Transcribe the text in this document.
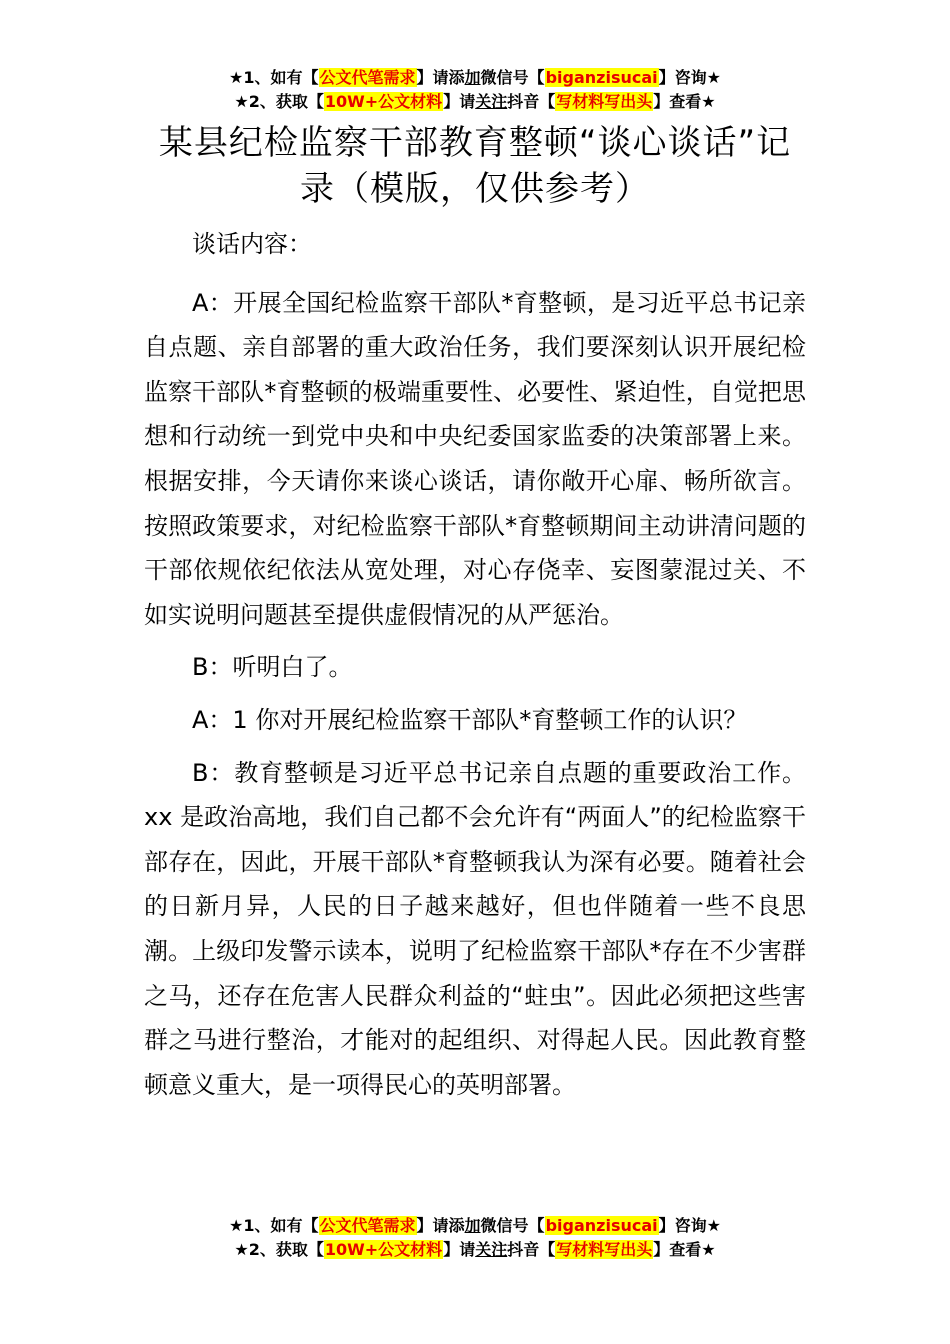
★1、如有【公文代笔需求】请添加微信号【biganzisucai】咨询★
★2、获取【10W+公文材料】请关注抖音【写材料写出头】查看★
某县纪检监察干部教育整顿“谈心谈话”记录（模版，仅供参考）

谈话内容：

A：开展全国纪检监察干部队*育整顿，是习近平总书记亲自点题、亲自部署的重大政治任务，我们要深刻认识开展纪检监察干部队*育整顿的极端重要性、必要性、紧迫性，自觉把思想和行动统一到党中央和中央纪委国家监委的决策部署上来。根据安排，今天请你来谈心谈话，请你敞开心扉、畅所欲言。按照政策要求，对纪检监察干部队*育整顿期间主动讲清问题的干部依规依纪依法从宽处理，对心存侥幸、妄图蒙混过关、不如实说明问题甚至提供虚假情况的从严惩治。

B：听明白了。

A：1 你对开展纪检监察干部队*育整顿工作的认识？

B：教育整顿是习近平总书记亲自点题的重要政治工作。xx 是政治高地，我们自己都不会允许有“两面人”的纪检监察干部存在，因此，开展干部队*育整顿我认为深有必要。随着社会的日新月异，人民的日子越来越好，但也伴随着一些不良思潮。上级印发警示读本，说明了纪检监察干部队*存在不少害群之马，还存在危害人民群众利益的“蛀虫”。因此必须把这些害群之马进行整治，才能对的起组织、对得起人民。因此教育整顿意义重大，是一项得民心的英明部署。

★1、如有【公文代笔需求】请添加微信号【biganzisucai】咨询★
★2、获取【10W+公文材料】请关注抖音【写材料写出头】查看★
